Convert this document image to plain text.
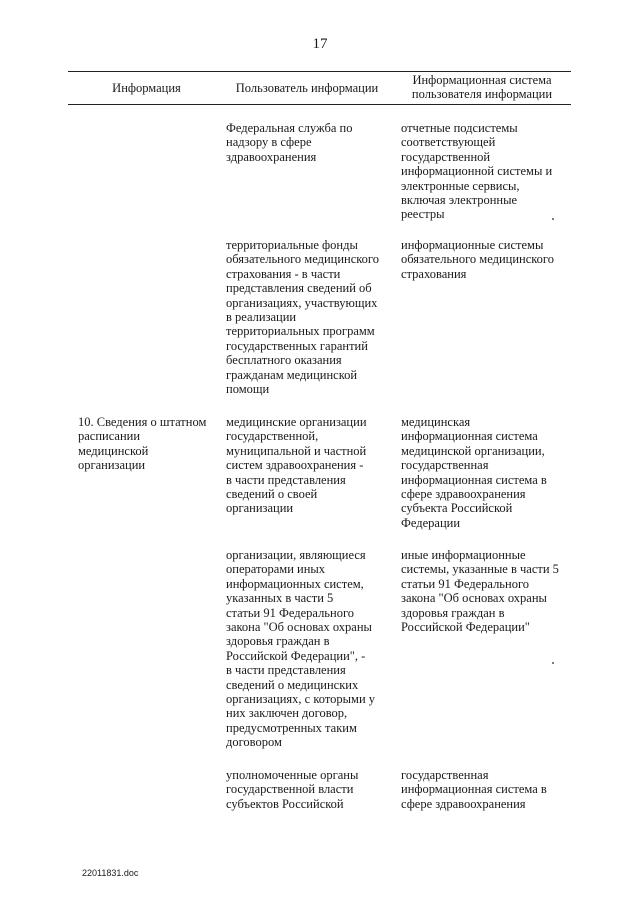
17
Информация	Пользователь информации
Информационная система
пользователя информации
Федеральная служба по
надзору в сфере
здравоохранения
отчетные подсистемы
соответствующей
государственной
информационной системы и
электронные сервисы,
включая электронные
реестры
территориальные фонды
обязательного медицинского
страхования - в части
представления сведений об
организациях, участвующих
в реализации
территориальных программ
государственных гарантий
бесплатного оказания
гражданам медицинской
помощи
информационные системы
обязательного медицинского
страхования
10. Сведения о штатном
расписании
медицинской
организации
медицинские организации
государственной,
муниципальной и частной
систем здравоохранения -
в части представления
сведений о своей
организации
медицинская
информационная система
медицинской организации,
государственная
информационная система в
сфере здравоохранения
субъекта Российской
Федерации
организации, являющиеся
операторами иных
информационных систем,
указанных в части 5
статьи 91 Федерального
закона "Об основах охраны
здоровья граждан в
Российской Федерации", -
в части представления
сведений о медицинских
организациях, с которыми у
них заключен договор,
предусмотренных таким
договором
иные информационные
системы, указанные в части 5
статьи 91 Федерального
закона "Об основах охраны
здоровья граждан в
Российской Федерации"
уполномоченные органы
государственной власти
субъектов Российской
государственная
информационная система в
сфере здравоохранения
22011831.doc
